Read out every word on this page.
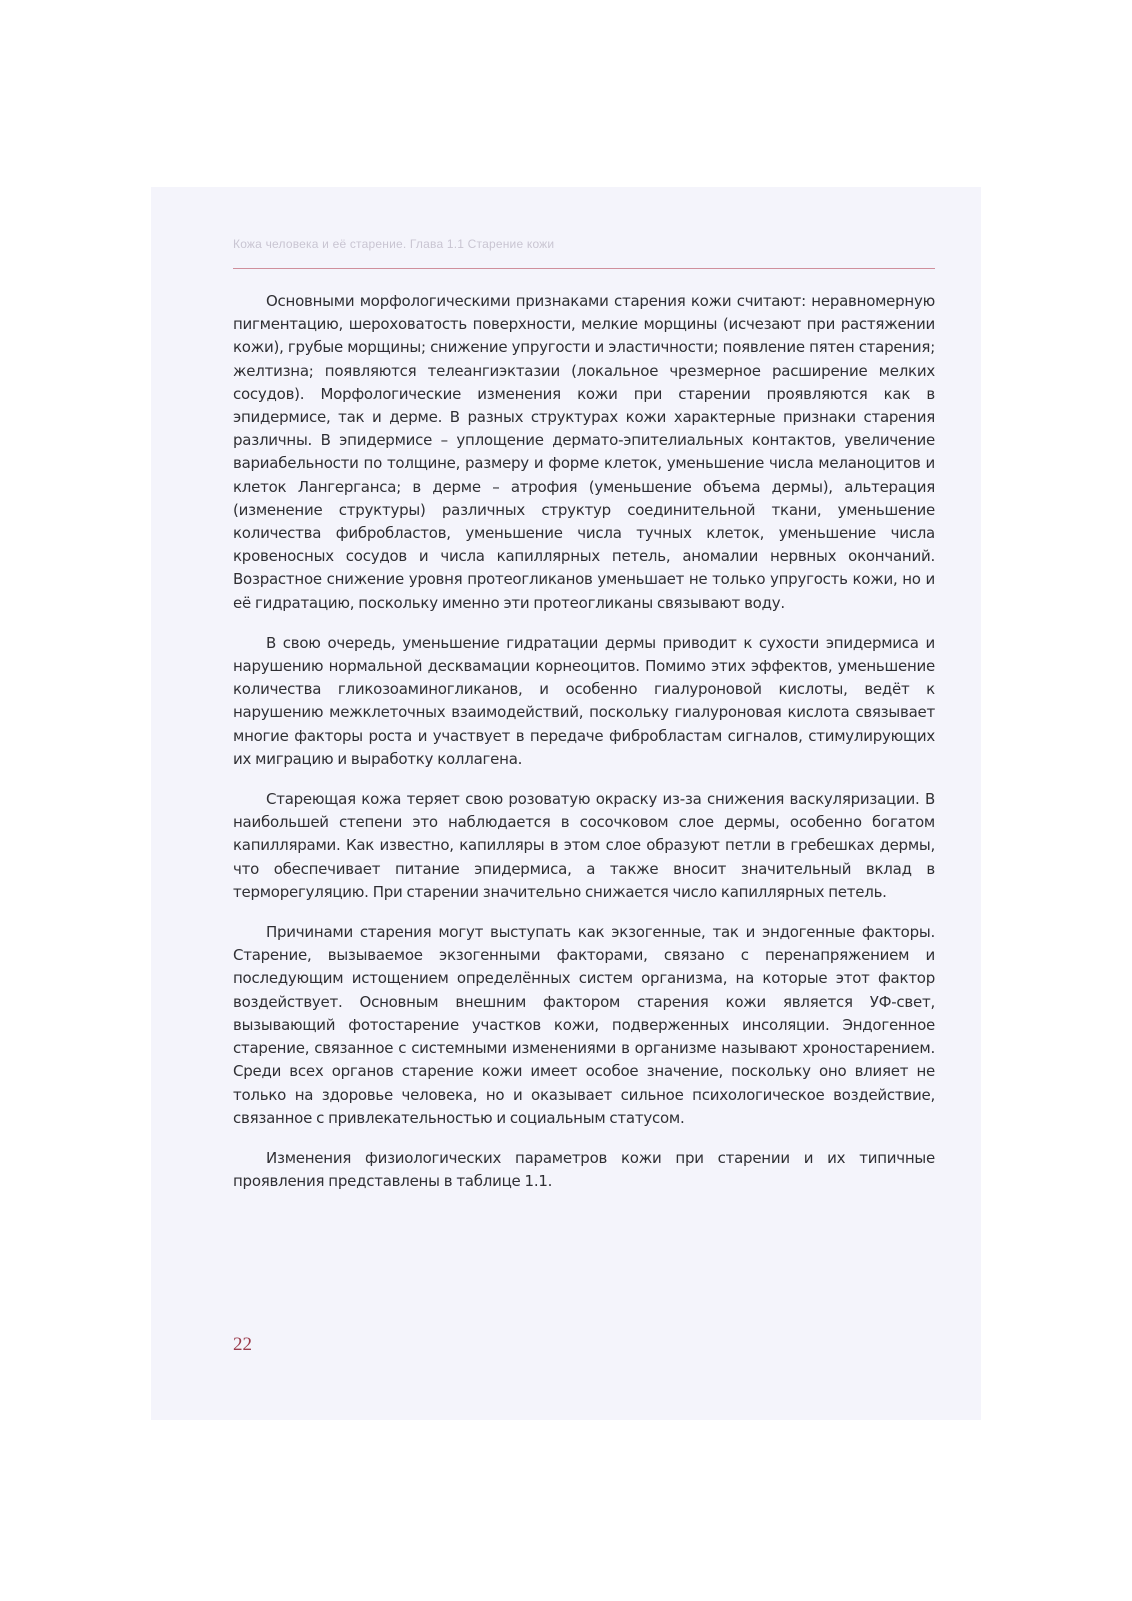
Кожа человека и её старение. Глава 1.1 Старение кожи

Основными морфологическими признаками старения кожи считают: неравномерную пигментацию, шероховатость поверхности, мелкие морщины (исчезают при растяжении кожи), грубые морщины; снижение упругости и эластичности; появление пятен старения; желтизна; появляются телеангиэктазии (локальное чрезмерное расширение мелких сосудов). Морфологические изменения кожи при старении проявляются как в эпидермисе, так и дерме. В разных структурах кожи характерные признаки старения различны. В эпидермисе – уплощение дермато-эпителиальных контактов, увеличение вариабельности по толщине, размеру и форме клеток, уменьшение числа меланоцитов и клеток Лангерганса; в дерме – атрофия (уменьшение объема дермы), альтерация (изменение структуры) различных структур соединительной ткани, уменьшение количества фибробластов, уменьшение числа тучных клеток, уменьшение числа кровеносных сосудов и числа капиллярных петель, аномалии нервных окончаний. Возрастное снижение уровня протеогликанов уменьшает не только упругость кожи, но и её гидратацию, поскольку именно эти протеогликаны связывают воду.

В свою очередь, уменьшение гидратации дермы приводит к сухости эпидермиса и нарушению нормальной десквамации корнеоцитов. Помимо этих эффектов, уменьшение количества гликозоаминогликанов, и особенно гиалуроновой кислоты, ведёт к нарушению межклеточных взаимодействий, поскольку гиалуроновая кислота связывает многие факторы роста и участвует в передаче фибробластам сигналов, стимулирующих их миграцию и выработку коллагена.

Стареющая кожа теряет свою розоватую окраску из-за снижения васкуляризации. В наибольшей степени это наблюдается в сосочковом слое дермы, особенно богатом капиллярами. Как известно, капилляры в этом слое образуют петли в гребешках дермы, что обеспечивает питание эпидермиса, а также вносит значительный вклад в терморегуляцию. При старении значительно снижается число капиллярных петель.

Причинами старения могут выступать как экзогенные, так и эндогенные факторы. Старение, вызываемое экзогенными факторами, связано с перенапряжением и последующим истощением определённых систем организма, на которые этот фактор воздействует. Основным внешним фактором старения кожи является УФ-свет, вызывающий фотостарение участков кожи, подверженных инсоляции. Эндогенное старение, связанное с системными изменениями в организме называют хроностарением. Среди всех органов старение кожи имеет особое значение, поскольку оно влияет не только на здоровье человека, но и оказывает сильное психологическое воздействие, связанное с привлекательностью и социальным статусом.

Изменения физиологических параметров кожи при старении и их типичные проявления представлены в таблице 1.1.

22
